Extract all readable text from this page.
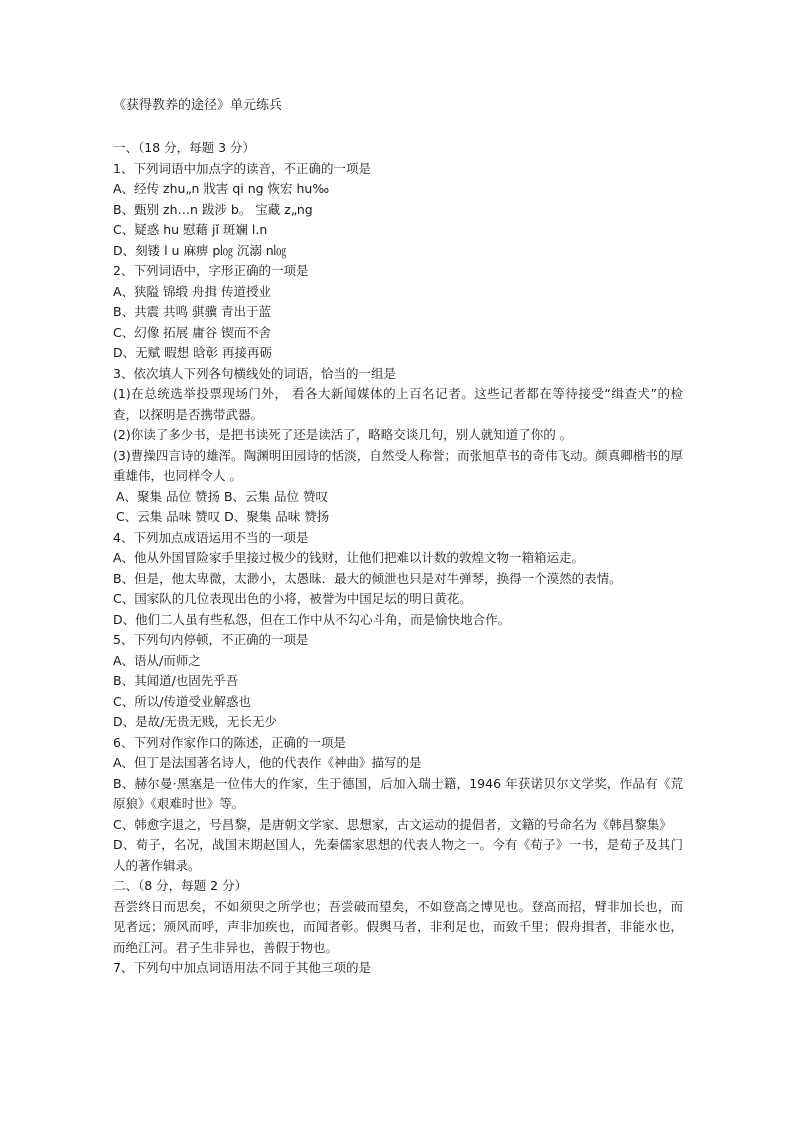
《获得教养的途径》单元练兵
一、（18 分，每题 3 分）
1、下列词语中加点字的读音，不正确的一项是
A、经传 zhu„n 戕害 qi ng 恢宏 hu‰
B、甄别 zh…n 跋涉 b。 宝藏 z„ng
C、疑惑 hu 慰藉 jǐ 斑斓 l.n
D、刻镂 l u 麻痹 p㏒ 沉溺 n㏒
2、下列词语中，字形正确的一项是
A、狭隘 锦缎 舟揖 传道授业
B、共震 共鸣 骐骥 青出于蓝
C、幻像 拓展 庸谷 锲而不舍
D、无赋 暇想 晗彰 再接再砺
3、依次填人下列各句横线处的词语，恰当的一组是
(1)在总统选举投票现场门外， 看各大新闻媒体的上百名记者。这些记者都在等待接受“缉查犬”的检查，以探明是否携带武器。
(2)你读了多少书，是把书读死了还是读活了，略略交谈几句，别人就知道了你的 。
(3)曹操四言诗的雄浑。陶渊明田园诗的恬淡，自然受人称誉；而张旭草书的奇伟飞动。颜真卿楷书的厚重雄伟，也同样令人 。
A、聚集 品位 赞扬 B、云集 品位 赞叹
C、云集 品味 赞叹 D、聚集 品味 赞扬
4、下列加点成语运用不当的一项是
A、他从外国冒险家手里接过极少的钱财，让他们把难以计数的敦煌文物一箱箱运走。
B、但是，他太卑微，太渺小，太愚昧．最大的倾泄也只是对牛弹琴，换得一个漠然的表情。
C、国家队的几位表现出色的小将，被誉为中国足坛的明日黄花。
D、他们二人虽有些私怨，但在工作中从不勾心斗角，而是愉快地合作。
5、下列句内停顿，不正确的一项是
A、语从/而师之
B、其闻道/也固先乎吾
C、所以/传道受业解惑也
D、是故/无贵无贱，无长无少
6、下列对作家作口的陈述，正确的一项是
A、但丁是法国著名诗人，他的代表作《神曲》描写的是
B、赫尔曼·黑塞是一位伟大的作家，生于德国，后加入瑞士籍，1946 年获诺贝尔文学奖，作品有《荒原狼》《艰难时世》等。
C、韩愈字退之，号昌黎，是唐朝文学家、思想家，古文运动的提倡者，文籍的号命名为《韩昌黎集》
D、荀子，名况，战国末期赵国人，先秦儒家思想的代表人物之一。今有《荀子》一书，是荀子及其门人的著作辑录。
二、（8 分，每题 2 分）
吾尝终日而思矣，不如须臾之所学也；吾尝破而望矣，不如登高之博见也。登高而招，臂非加长也，而见者远；颁风而呼，声非加疾也，而闻者彰。假舆马者，非利足也，而致千里；假舟揖者，非能水也，而绝江河。君子生非异也，善假于物也。
7、下列句中加点词语用法不同于其他三项的是
